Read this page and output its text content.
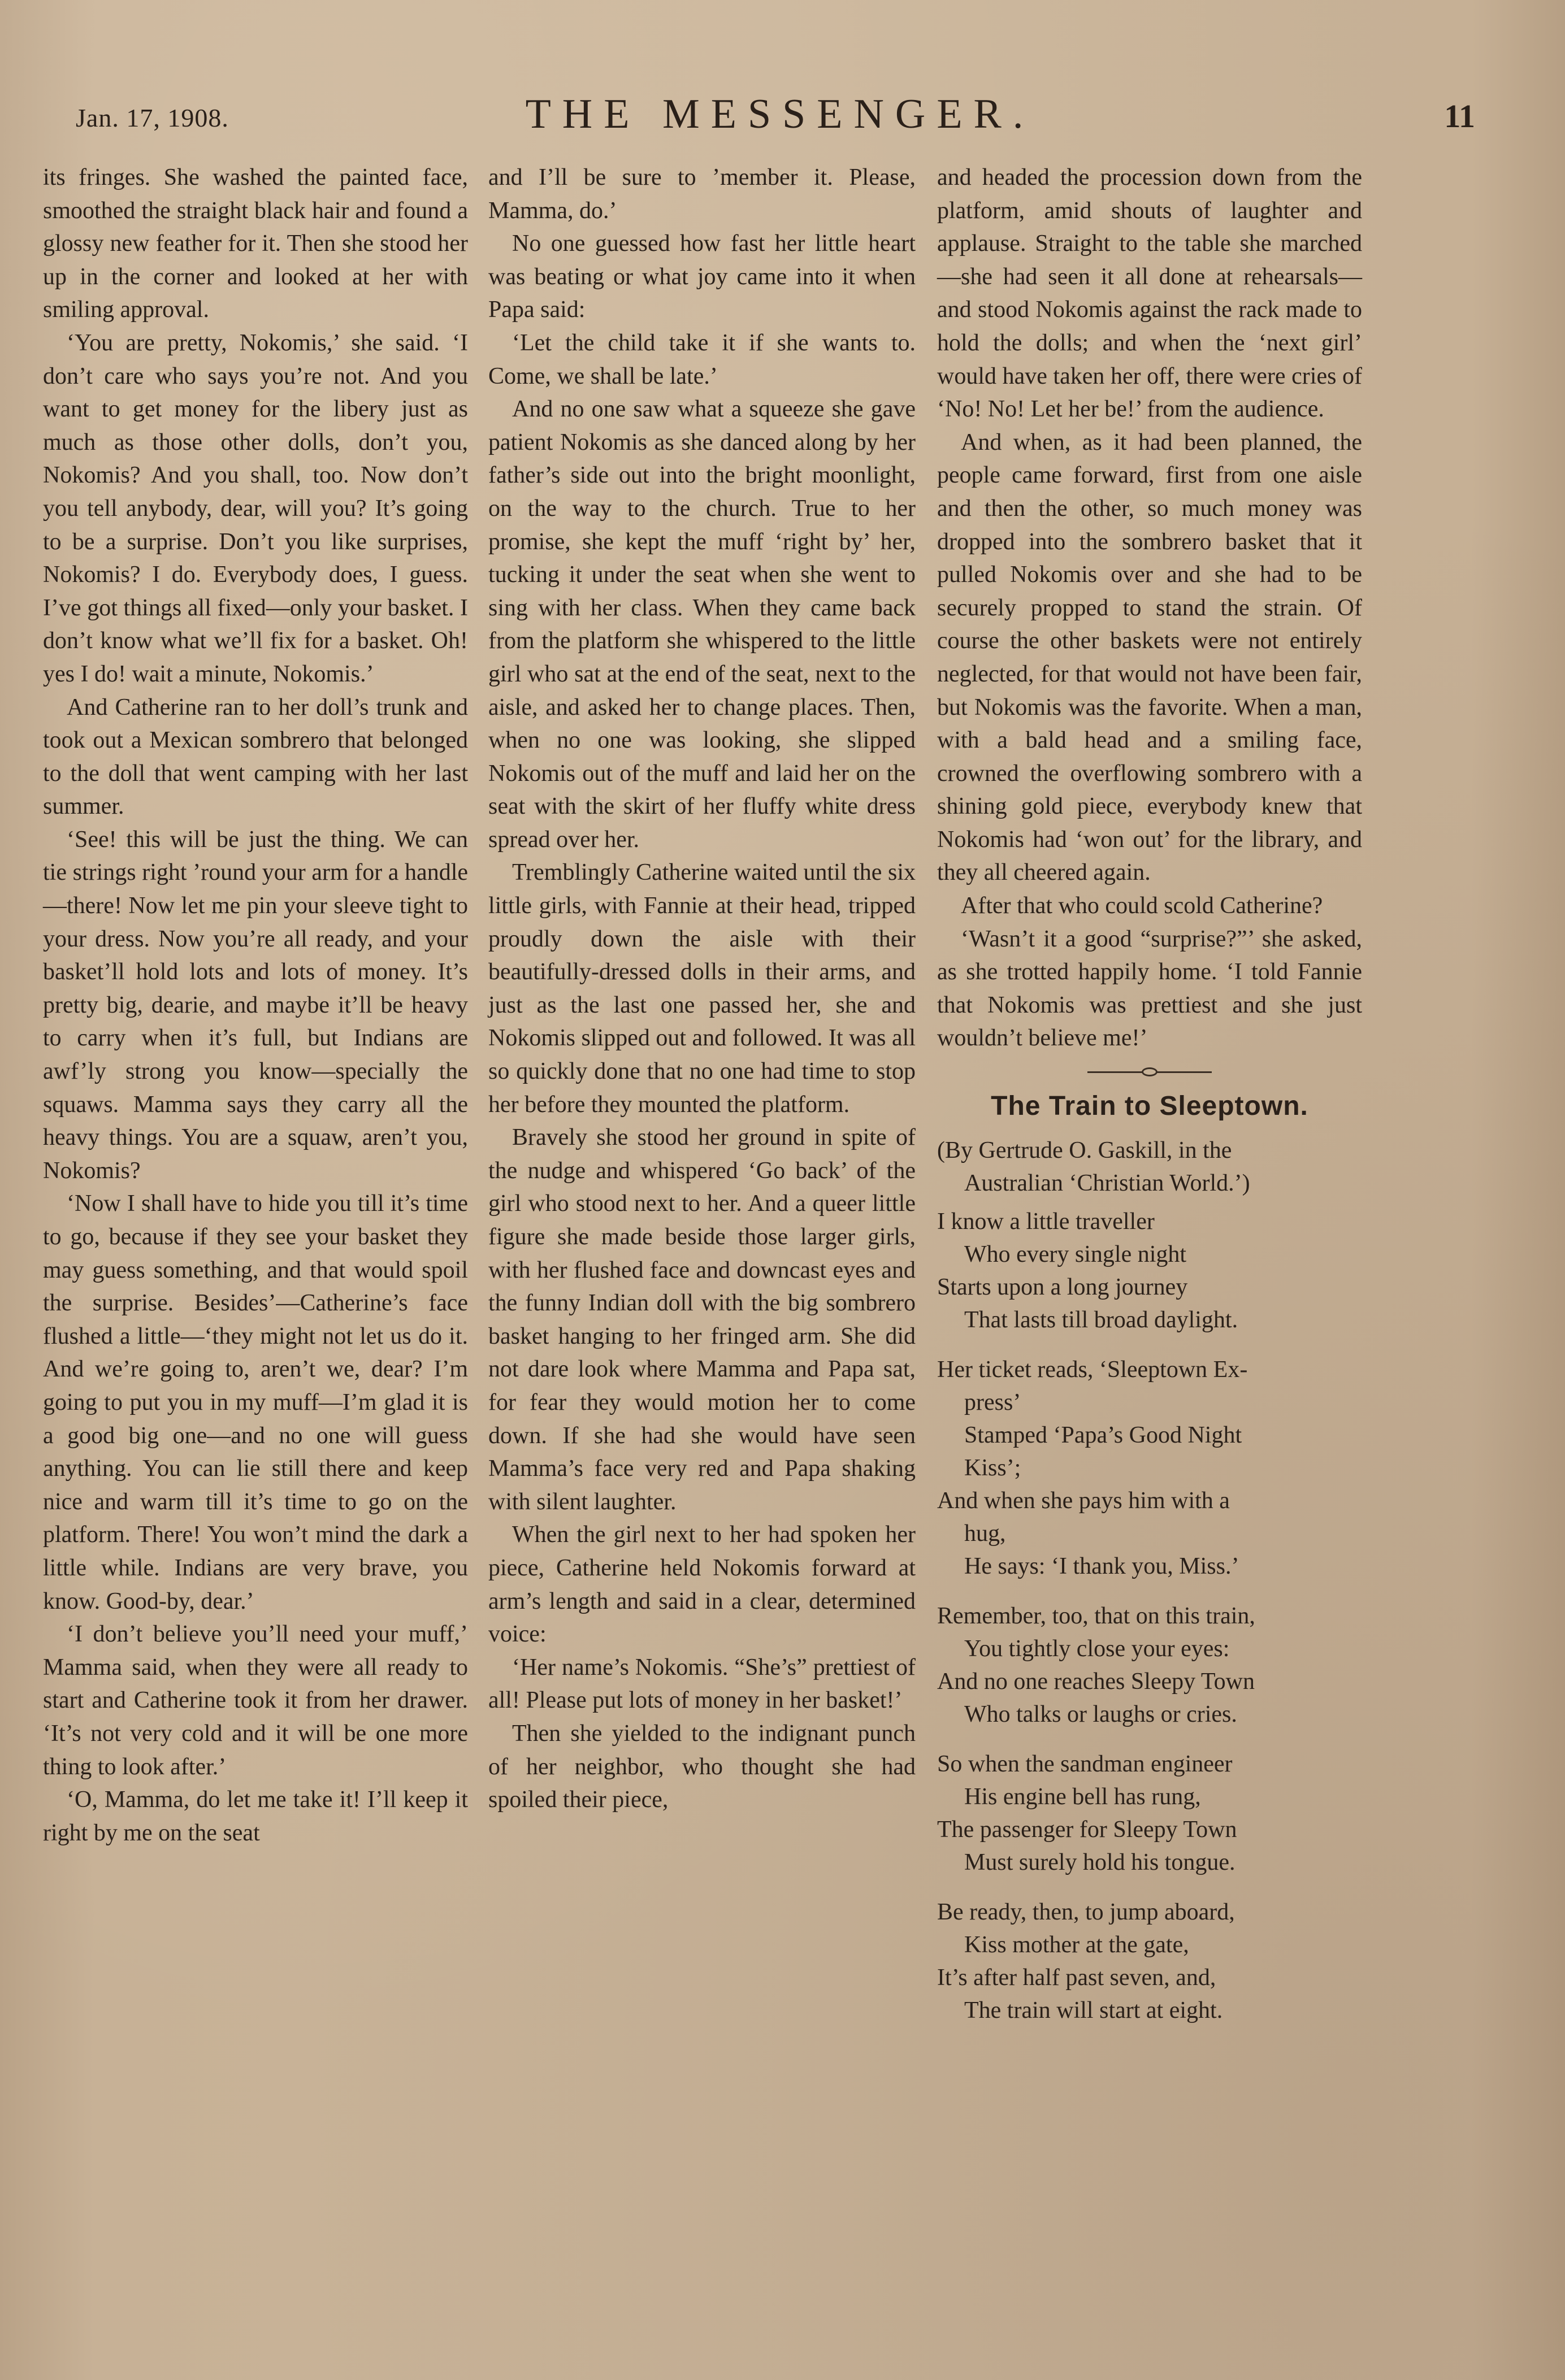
Jan. 17, 1908.	THE MESSENGER.	11

its fringes. She washed the painted face, smoothed the straight black hair and found a glossy new feather for it. Then she stood her up in the corner and looked at her with smiling approval.

‘You are pretty, Nokomis,’ she said. ‘I don’t care who says you’re not. And you want to get money for the libery just as much as those other dolls, don’t you, Nokomis? And you shall, too. Now don’t you tell anybody, dear, will you? It’s going to be a surprise. Don’t you like surprises, Nokomis? I do. Everybody does, I guess. I’ve got things all fixed—only your basket. I don’t know what we’ll fix for a basket. Oh! yes I do! wait a minute, Nokomis.’

And Catherine ran to her doll’s trunk and took out a Mexican sombrero that belonged to the doll that went camping with her last summer.

‘See! this will be just the thing. We can tie strings right ’round your arm for a handle—there! Now let me pin your sleeve tight to your dress. Now you’re all ready, and your basket’ll hold lots and lots of money. It’s pretty big, dearie, and maybe it’ll be heavy to carry when it’s full, but Indians are awf’ly strong you know—specially the squaws. Mamma says they carry all the heavy things. You are a squaw, aren’t you, Nokomis?

‘Now I shall have to hide you till it’s time to go, because if they see your basket they may guess something, and that would spoil the surprise. Besides’—Catherine’s face flushed a little—‘they might not let us do it. And we’re going to, aren’t we, dear? I’m going to put you in my muff—I’m glad it is a good big one—and no one will guess anything. You can lie still there and keep nice and warm till it’s time to go on the platform. There! You won’t mind the dark a little while. Indians are very brave, you know. Good-by, dear.’

‘I don’t believe you’ll need your muff,’ Mamma said, when they were all ready to start and Catherine took it from her drawer. ‘It’s not very cold and it will be one more thing to look after.’

‘O, Mamma, do let me take it! I’ll keep it right by me on the seat

and I’ll be sure to ’member it. Please, Mamma, do.’

No one guessed how fast her little heart was beating or what joy came into it when Papa said:

‘Let the child take it if she wants to. Come, we shall be late.’

And no one saw what a squeeze she gave patient Nokomis as she danced along by her father’s side out into the bright moonlight, on the way to the church. True to her promise, she kept the muff ‘right by’ her, tucking it under the seat when she went to sing with her class. When they came back from the platform she whispered to the little girl who sat at the end of the seat, next to the aisle, and asked her to change places. Then, when no one was looking, she slipped Nokomis out of the muff and laid her on the seat with the skirt of her fluffy white dress spread over her.

Tremblingly Catherine waited until the six little girls, with Fannie at their head, tripped proudly down the aisle with their beautifully-dressed dolls in their arms, and just as the last one passed her, she and Nokomis slipped out and followed. It was all so quickly done that no one had time to stop her before they mounted the platform.

Bravely she stood her ground in spite of the nudge and whispered ‘Go back’ of the girl who stood next to her. And a queer little figure she made beside those larger girls, with her flushed face and downcast eyes and the funny Indian doll with the big sombrero basket hanging to her fringed arm. She did not dare look where Mamma and Papa sat, for fear they would motion her to come down. If she had she would have seen Mamma’s face very red and Papa shaking with silent laughter.

When the girl next to her had spoken her piece, Catherine held Nokomis forward at arm’s length and said in a clear, determined voice:

‘Her name’s Nokomis. “She’s” prettiest of all! Please put lots of money in her basket!’

Then she yielded to the indignant punch of her neighbor, who thought she had spoiled their piece,

and headed the procession down from the platform, amid shouts of laughter and applause. Straight to the table she marched—she had seen it all done at rehearsals—and stood Nokomis against the rack made to hold the dolls; and when the ‘next girl’ would have taken her off, there were cries of ‘No! No! Let her be!’ from the audience.

And when, as it had been planned, the people came forward, first from one aisle and then the other, so much money was dropped into the sombrero basket that it pulled Nokomis over and she had to be securely propped to stand the strain. Of course the other baskets were not entirely neglected, for that would not have been fair, but Nokomis was the favorite. When a man, with a bald head and a smiling face, crowned the overflowing sombrero with a shining gold piece, everybody knew that Nokomis had ‘won out’ for the library, and they all cheered again.

After that who could scold Catherine?

‘Wasn’t it a good “surprise?”’ she asked, as she trotted happily home. ‘I told Fannie that Nokomis was prettiest and she just wouldn’t believe me!’

The Train to Sleeptown.
(By Gertrude O. Gaskill, in the
Australian ‘Christian World.’)
I know a little traveller
Who every single night
Starts upon a long journey
That lasts till broad daylight.
Her ticket reads, ‘Sleeptown Ex-
press’
Stamped ‘Papa’s Good Night
Kiss’;
And when she pays him with a
hug,
He says: ‘I thank you, Miss.’
Remember, too, that on this train,
You tightly close your eyes:
And no one reaches Sleepy Town
Who talks or laughs or cries.
So when the sandman engineer
His engine bell has rung,
The passenger for Sleepy Town
Must surely hold his tongue.
Be ready, then, to jump aboard,
Kiss mother at the gate,
It’s after half past seven, and,
The train will start at eight.
